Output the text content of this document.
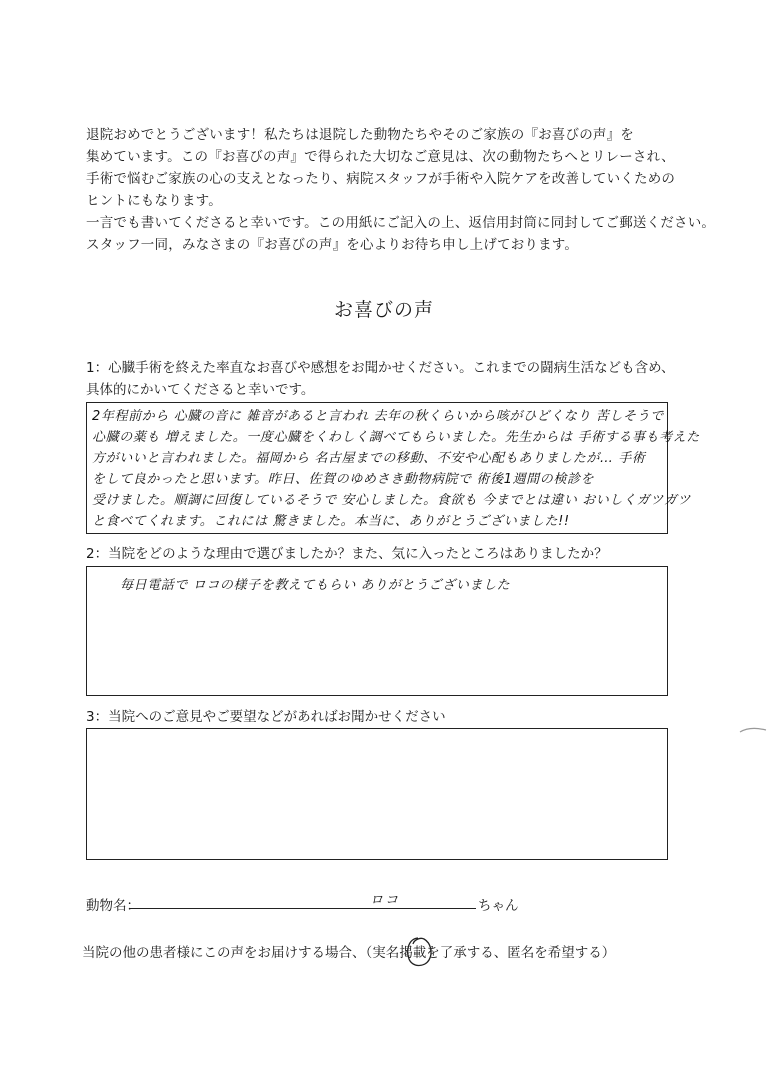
退院おめでとうございます！私たちは退院した動物たちやそのご家族の『お喜びの声』を
集めています。この『お喜びの声』で得られた大切なご意見は、次の動物たちへとリレーされ、
手術で悩むご家族の心の支えとなったり、病院スタッフが手術や入院ケアを改善していくための
ヒントにもなります。
一言でも書いてくださると幸いです。この用紙にご記入の上、返信用封筒に同封してご郵送ください。
スタッフ一同，みなさまの『お喜びの声』を心よりお待ち申し上げております。
お喜びの声
1：心臓手術を終えた率直なお喜びや感想をお聞かせください。これまでの闘病生活なども含め、
具体的にかいてくださると幸いです。
2年程前から 心臓の音に 雑音があると言われ 去年の秋くらいから咳がひどくなり 苦しそうで
心臓の薬も 増えました。一度心臓をくわしく調べてもらいました。先生からは 手術する事も考えた
方がいいと言われました。福岡から 名古屋までの移動、不安や心配もありましたが… 手術
をして良かったと思います。昨日、佐賀のゆめさき動物病院で 術後1週間の検診を
受けました。順調に回復しているそうで 安心しました。食欲も 今までとは違い おいしくガツガツ
と食べてくれます。これには 驚きました。本当に、ありがとうございました!!
2：当院をどのような理由で選びましたか？また、気に入ったところはありましたか？
毎日電話で ロコの様子を教えてもらい ありがとうございました
3：当院へのご意見やご要望などがあればお聞かせください
動物名：	ロコ	ちゃん
当院の他の患者様にこの声をお届けする場合、（実名掲載を了承する、匿名を希望する）
